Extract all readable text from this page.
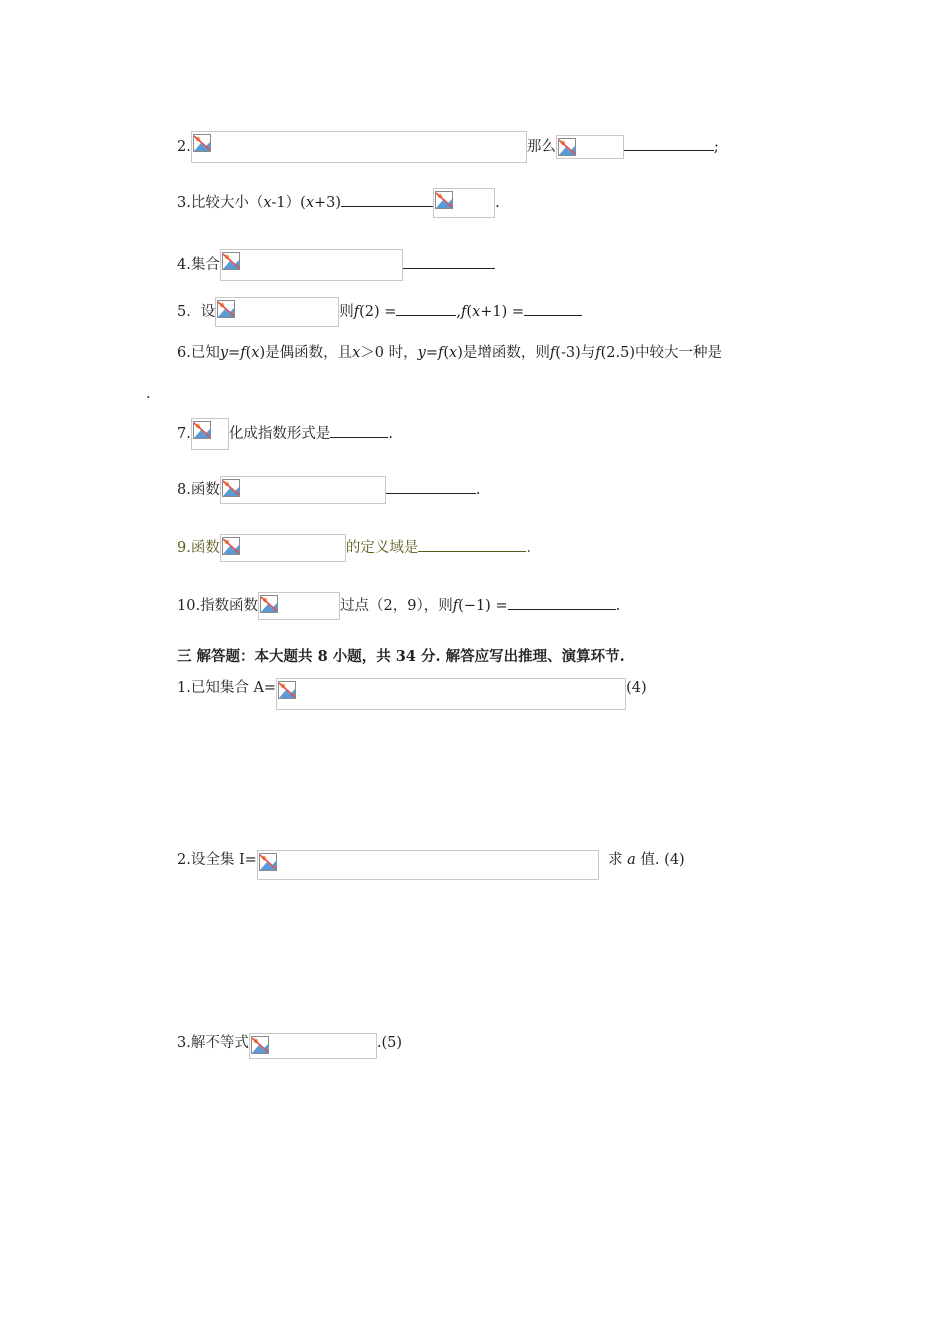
2.	那么	;
3.比较大小（x-1）(x+3)	.
4.集合
5．设	则f(2) =	,f(x+1) =
6.已知y=f(x)是偶函数，且x＞0 时，y=f(x)是增函数，则f(-3)与f(2.5)中较大一种是
.
7.	化成指数形式是	.
8.函数	.
9.函数	的定义域是	.
10.指数函数	过点（2，9），则f(−1) =	.
三 解答题：本大题共 8 小题，共 34 分. 解答应写出推理、演算环节.
1.已知集合 A=	(4)
2.设全集 I=	求 a 值. (4)
3.解不等式	.(5)
